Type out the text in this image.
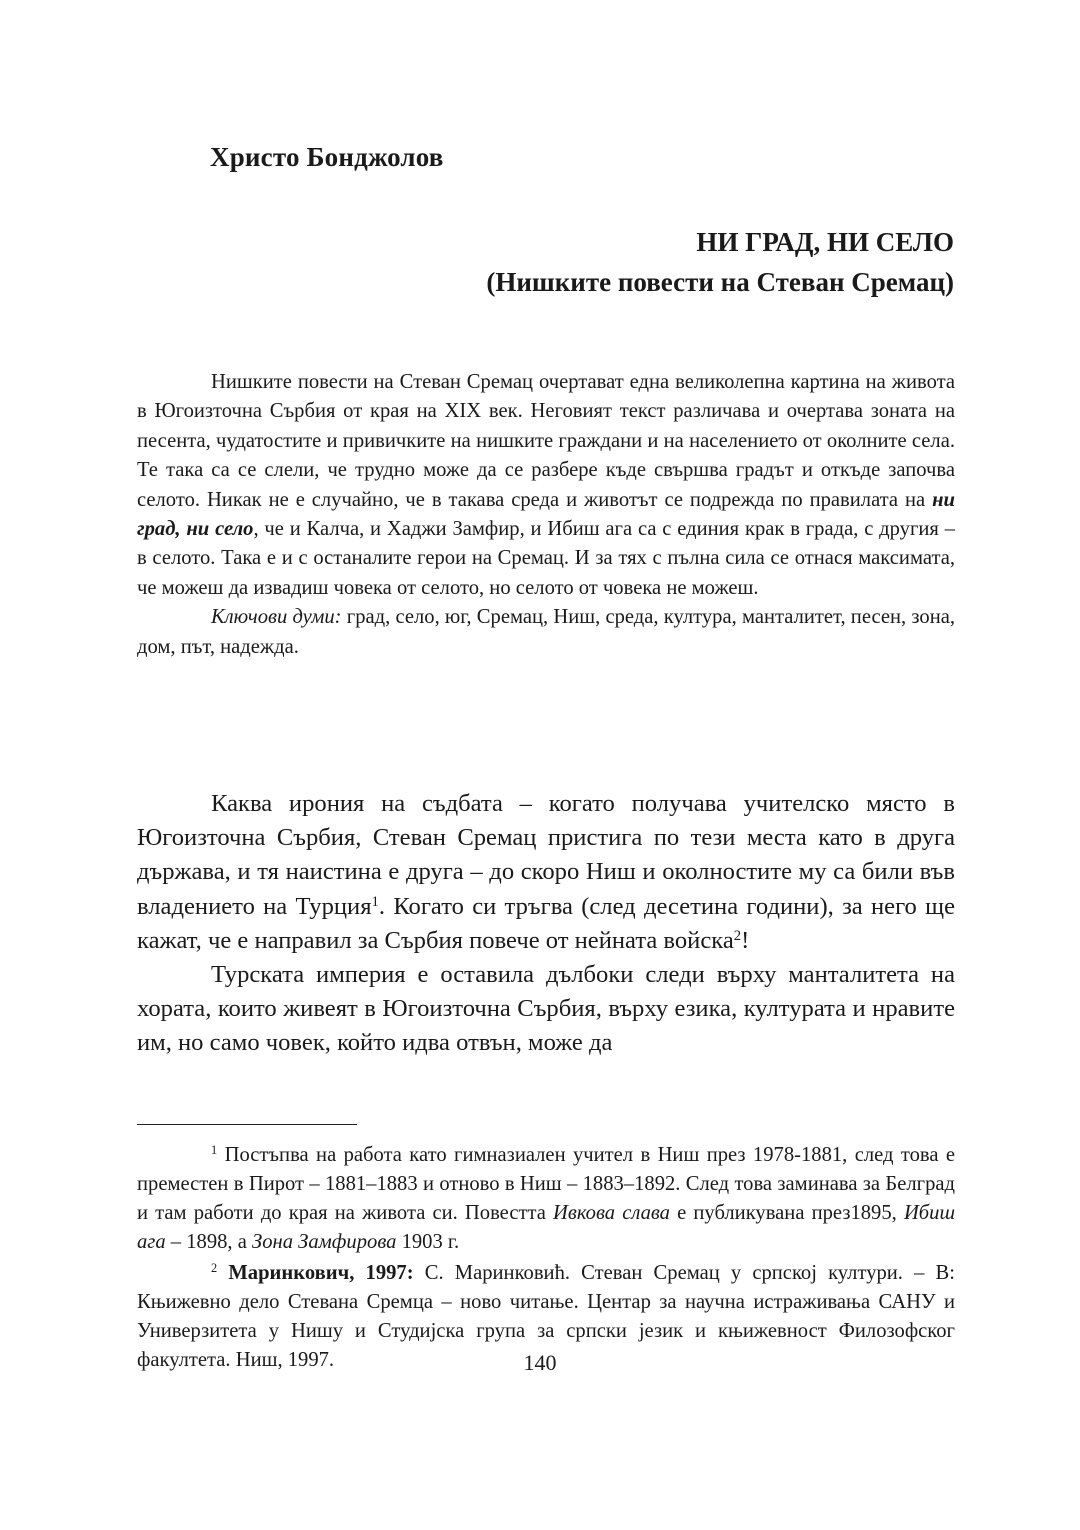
Христо Бонджолов
НИ ГРАД, НИ СЕЛО
(Нишките повести на Стеван Сремац)

Нишките повести на Стеван Сремац очертават една великолепна картина на живота в Югоизточна Сърбия от края на XIX век. Неговият текст различава и очертава зоната на песента, чудатостите и привичките на нишките граждани и на населението от околните села. Те така са се слели, че трудно може да се разбере къде свършва градът и откъде започва селото. Никак не е случайно, че в такава среда и животът се подрежда по правилата на ни град, ни село, че и Калча, и Хаджи Замфир, и Ибиш ага са с единия крак в града, с другия – в селото. Така е и с останалите герои на Сремац. И за тях с пълна сила се отнася максимата, че можеш да извадиш човека от селото, но селото от човека не можеш.

Ключови думи: град, село, юг, Сремац, Ниш, среда, култура, манталитет, песен, зона, дом, път, надежда.

Каква ирония на съдбата – когато получава учителско място в Югоизточна Сърбия, Стеван Сремац пристига по тези места като в друга държава, и тя наистина е друга – до скоро Ниш и околностите му са били във владението на Турция$^1$. Когато си тръгва (след десетина години), за него ще кажат, че е направил за Сърбия повече от нейната войска$^2$!

Турската империя е оставила дълбоки следи върху манталитета на хората, които живеят в Югоизточна Сърбия, върху езика, културата и нравите им, но само човек, който идва отвън, може да

$^1$ Постъпва на работа като гимназиален учител в Ниш през 1978-1881, след това е преместен в Пирот – 1881–1883 и отново в Ниш – 1883–1892. След това заминава за Белград и там работи до края на живота си. Повестта Ивкова слава е публикувана през1895, Ибиш ага – 1898, а Зона Замфирова 1903 г.

$^2$ Маринкович, 1997: С. Маринковић. Стеван Сремац у српској култури. – В: Књижевно дело Стевана Сремца – ново читање. Центар за научна истраживања САНУ и Универзитета у Нишу и Студијска група за српски језик и књижевност Филозофског факултета. Ниш, 1997.	140
